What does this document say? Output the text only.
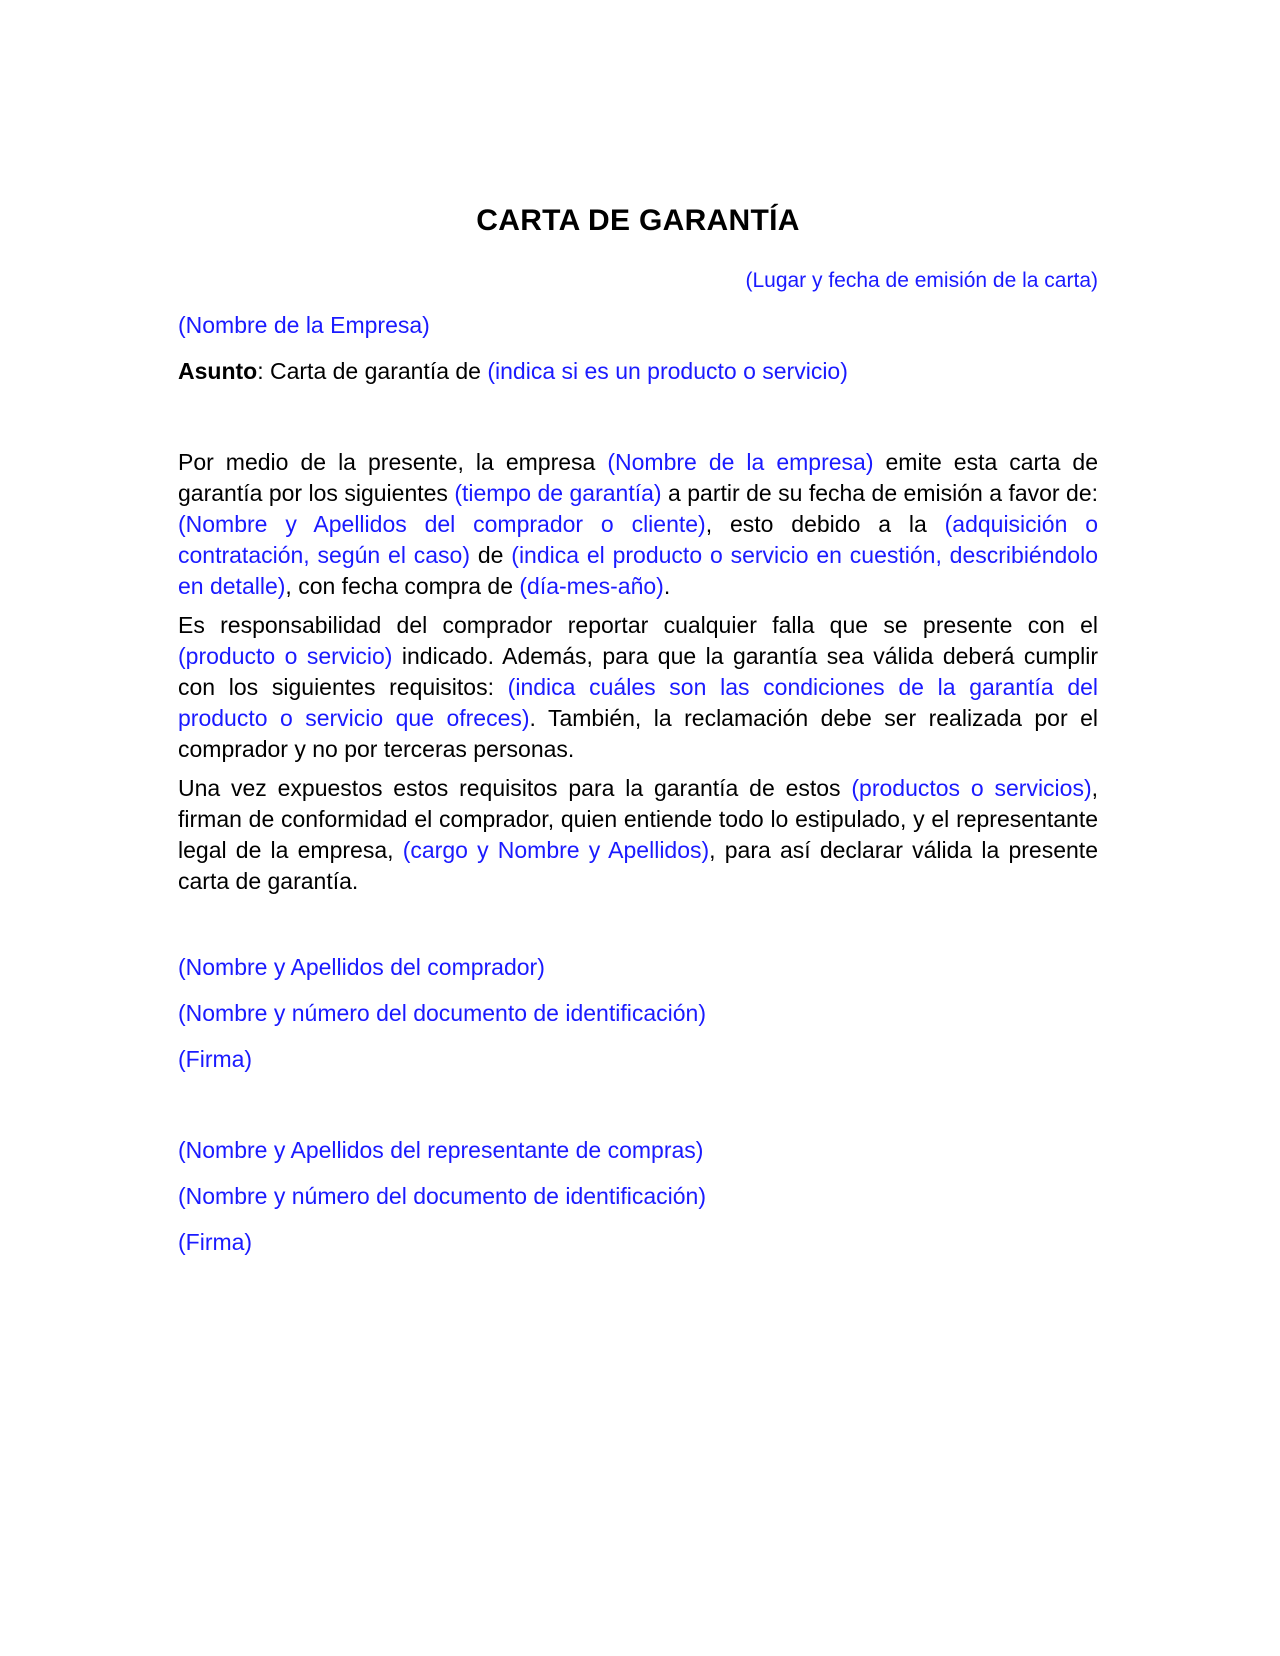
CARTA DE GARANTÍA
(Lugar y fecha de emisión de la carta)
(Nombre de la Empresa)
Asunto: Carta de garantía de (indica si es un producto o servicio)

Por medio de la presente, la empresa (Nombre de la empresa) emite esta carta de garantía por los siguientes (tiempo de garantía) a partir de su fecha de emisión a favor de: (Nombre y Apellidos del comprador o cliente), esto debido a la (adquisición o contratación, según el caso) de (indica el producto o servicio en cuestión, describiéndolo en detalle), con fecha compra de (día-mes-año).

Es responsabilidad del comprador reportar cualquier falla que se presente con el (producto o servicio) indicado. Además, para que la garantía sea válida deberá cumplir con los siguientes requisitos: (indica cuáles son las condiciones de la garantía del producto o servicio que ofreces). También, la reclamación debe ser realizada por el comprador y no por terceras personas.

Una vez expuestos estos requisitos para la garantía de estos (productos o servicios), firman de conformidad el comprador, quien entiende todo lo estipulado, y el representante legal de la empresa, (cargo y Nombre y Apellidos), para así declarar válida la presente carta de garantía.

(Nombre y Apellidos del comprador)
(Nombre y número del documento de identificación)
(Firma)
(Nombre y Apellidos del representante de compras)
(Nombre y número del documento de identificación)
(Firma)
